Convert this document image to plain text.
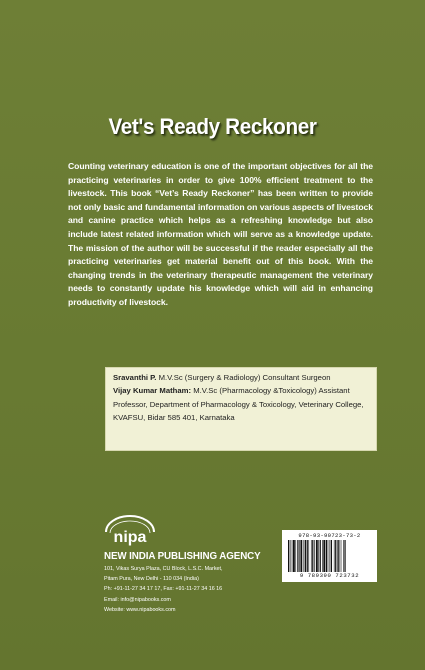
Vet's Ready Reckoner

Counting veterinary education is one of the important objectives for all the practicing veterinaries in order to give 100% efficient treatment to the livestock. This book “Vet’s Ready Reckoner” has been written to provide not only basic and fundamental information on various aspects of livestock and canine practice which helps as a refreshing knowledge but also include latest related information which will serve as a knowledge update. The mission of the author will be successful if the reader especially all the practicing veterinaries get material benefit out of this book. With the changing trends in the veterinary therapeutic management the veterinary needs to constantly update his knowledge which will aid in enhancing productivity of livestock.

Sravanthi P. M.V.Sc (Surgery & Radiology) Consultant Surgeon
Vijay Kumar Matham: M.V.Sc (Pharmacology &Toxicology) Assistant Professor, Department of Pharmacology & Toxicology, Veterinary College, KVAFSU, Bidar 585 401, Karnataka
nipa
NEW INDIA PUBLISHING AGENCY
101, Vikas Surya Plaza, CU Block, L.S.C. Market,
Pitam Pura, New Delhi - 110 034 (India)
Ph: +91-11-27 34 17 17, Fax: +91-11-27 34 16 16
Email: info@nipabooks.com
Website: www.nipabooks.com
978-93-90723-73-2
9 789390 723732
